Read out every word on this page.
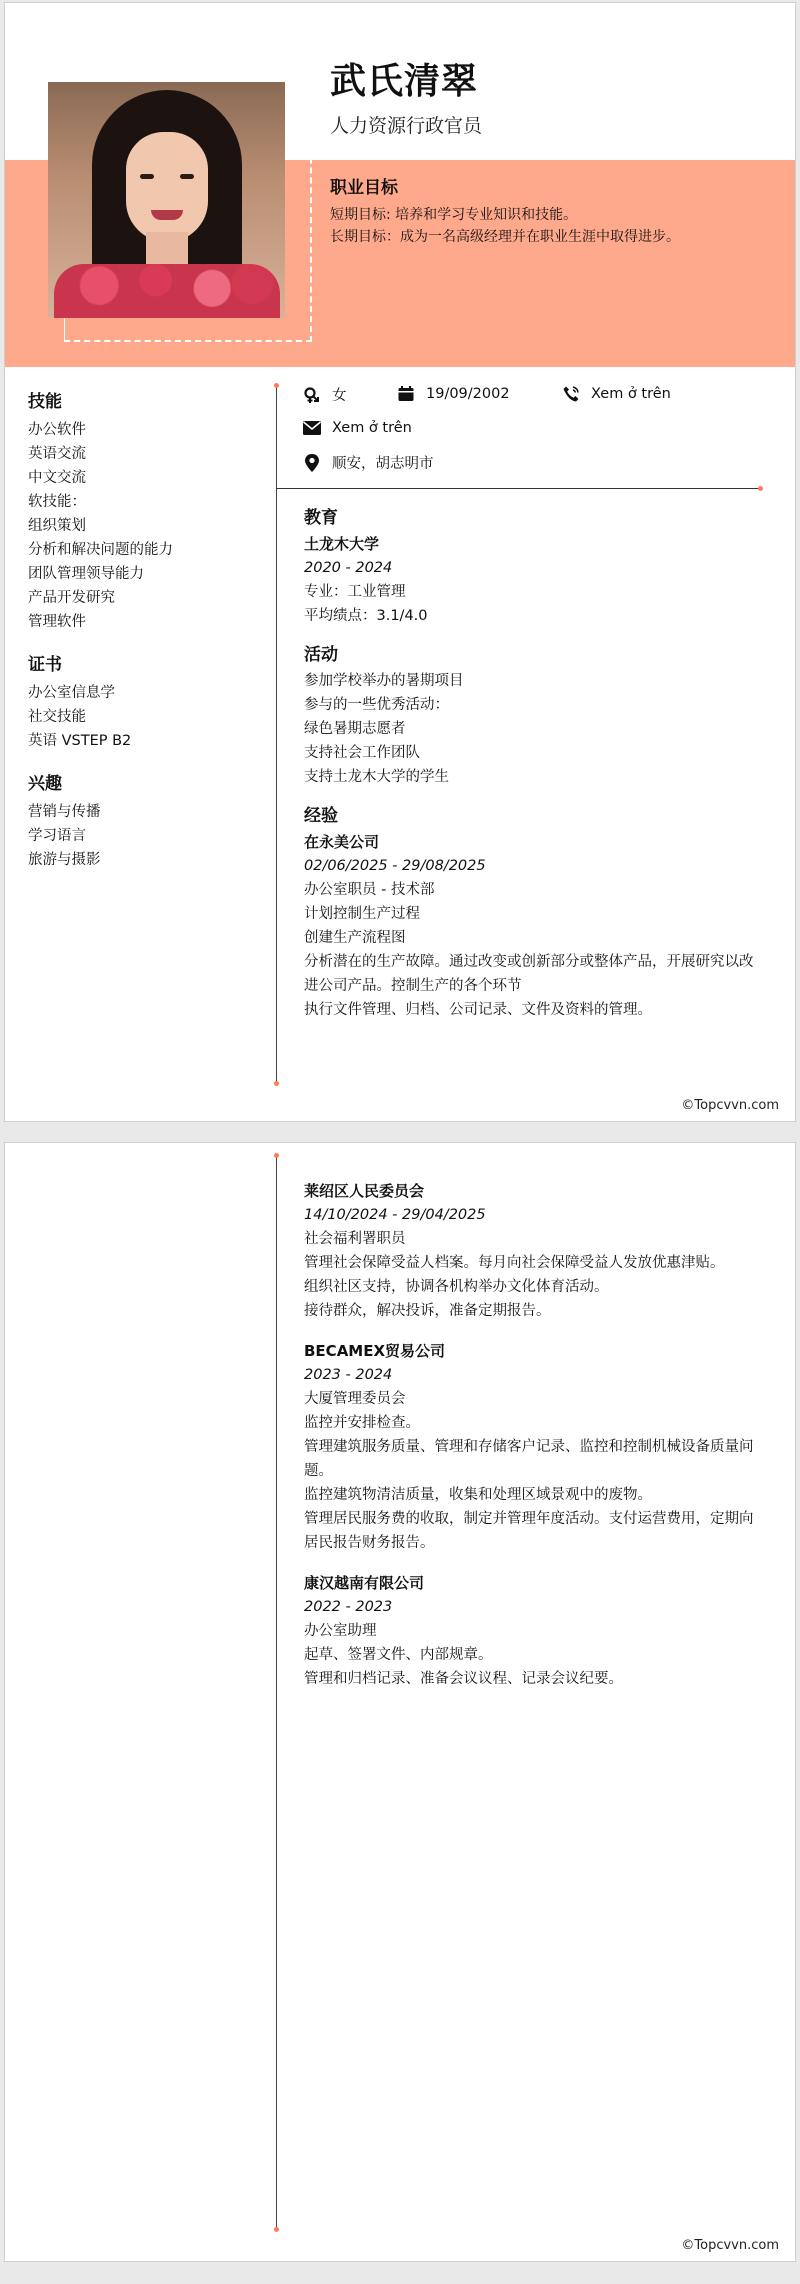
武氏清翠
人力资源行政官员
职业目标

短期目标: 培养和学习专业知识和技能。

长期目标：成为一名高级经理并在职业生涯中取得进步。

女	19/09/2002	Xem ở trên
Xem ở trên
顺安，胡志明市
技能
办公软件
英语交流
中文交流
软技能：
组织策划
分析和解决问题的能力
团队管理领导能力
产品开发研究
管理软件
证书
办公室信息学
社交技能
英语 VSTEP B2
兴趣
营销与传播
学习语言
旅游与摄影
教育
土龙木大学
2020 - 2024
专业：工业管理
平均绩点：3.1/4.0
活动
参加学校举办的暑期项目
参与的一些优秀活动：
绿色暑期志愿者
支持社会工作团队
支持土龙木大学的学生
经验
在永美公司
02/06/2025 - 29/08/2025
办公室职员 - 技术部
计划控制生产过程
创建生产流程图
分析潜在的生产故障。通过改变或创新部分或整体产品，开展研究以改进公司产品。控制生产的各个环节
执行文件管理、归档、公司记录、文件及资料的管理。
©Topcvvn.com
莱绍区人民委员会
14/10/2024 - 29/04/2025
社会福利署职员
管理社会保障受益人档案。每月向社会保障受益人发放优惠津贴。
组织社区支持，协调各机构举办文化体育活动。
接待群众，解决投诉，准备定期报告。
BECAMEX贸易公司
2023 - 2024
大厦管理委员会
监控并安排检查。
管理建筑服务质量、管理和存储客户记录、监控和控制机械设备质量问题。
监控建筑物清洁质量，收集和处理区域景观中的废物。
管理居民服务费的收取，制定并管理年度活动。支付运营费用，定期向居民报告财务报告。
康汉越南有限公司
2022 - 2023
办公室助理
起草、签署文件、内部规章。
管理和归档记录、准备会议议程、记录会议纪要。
©Topcvvn.com
